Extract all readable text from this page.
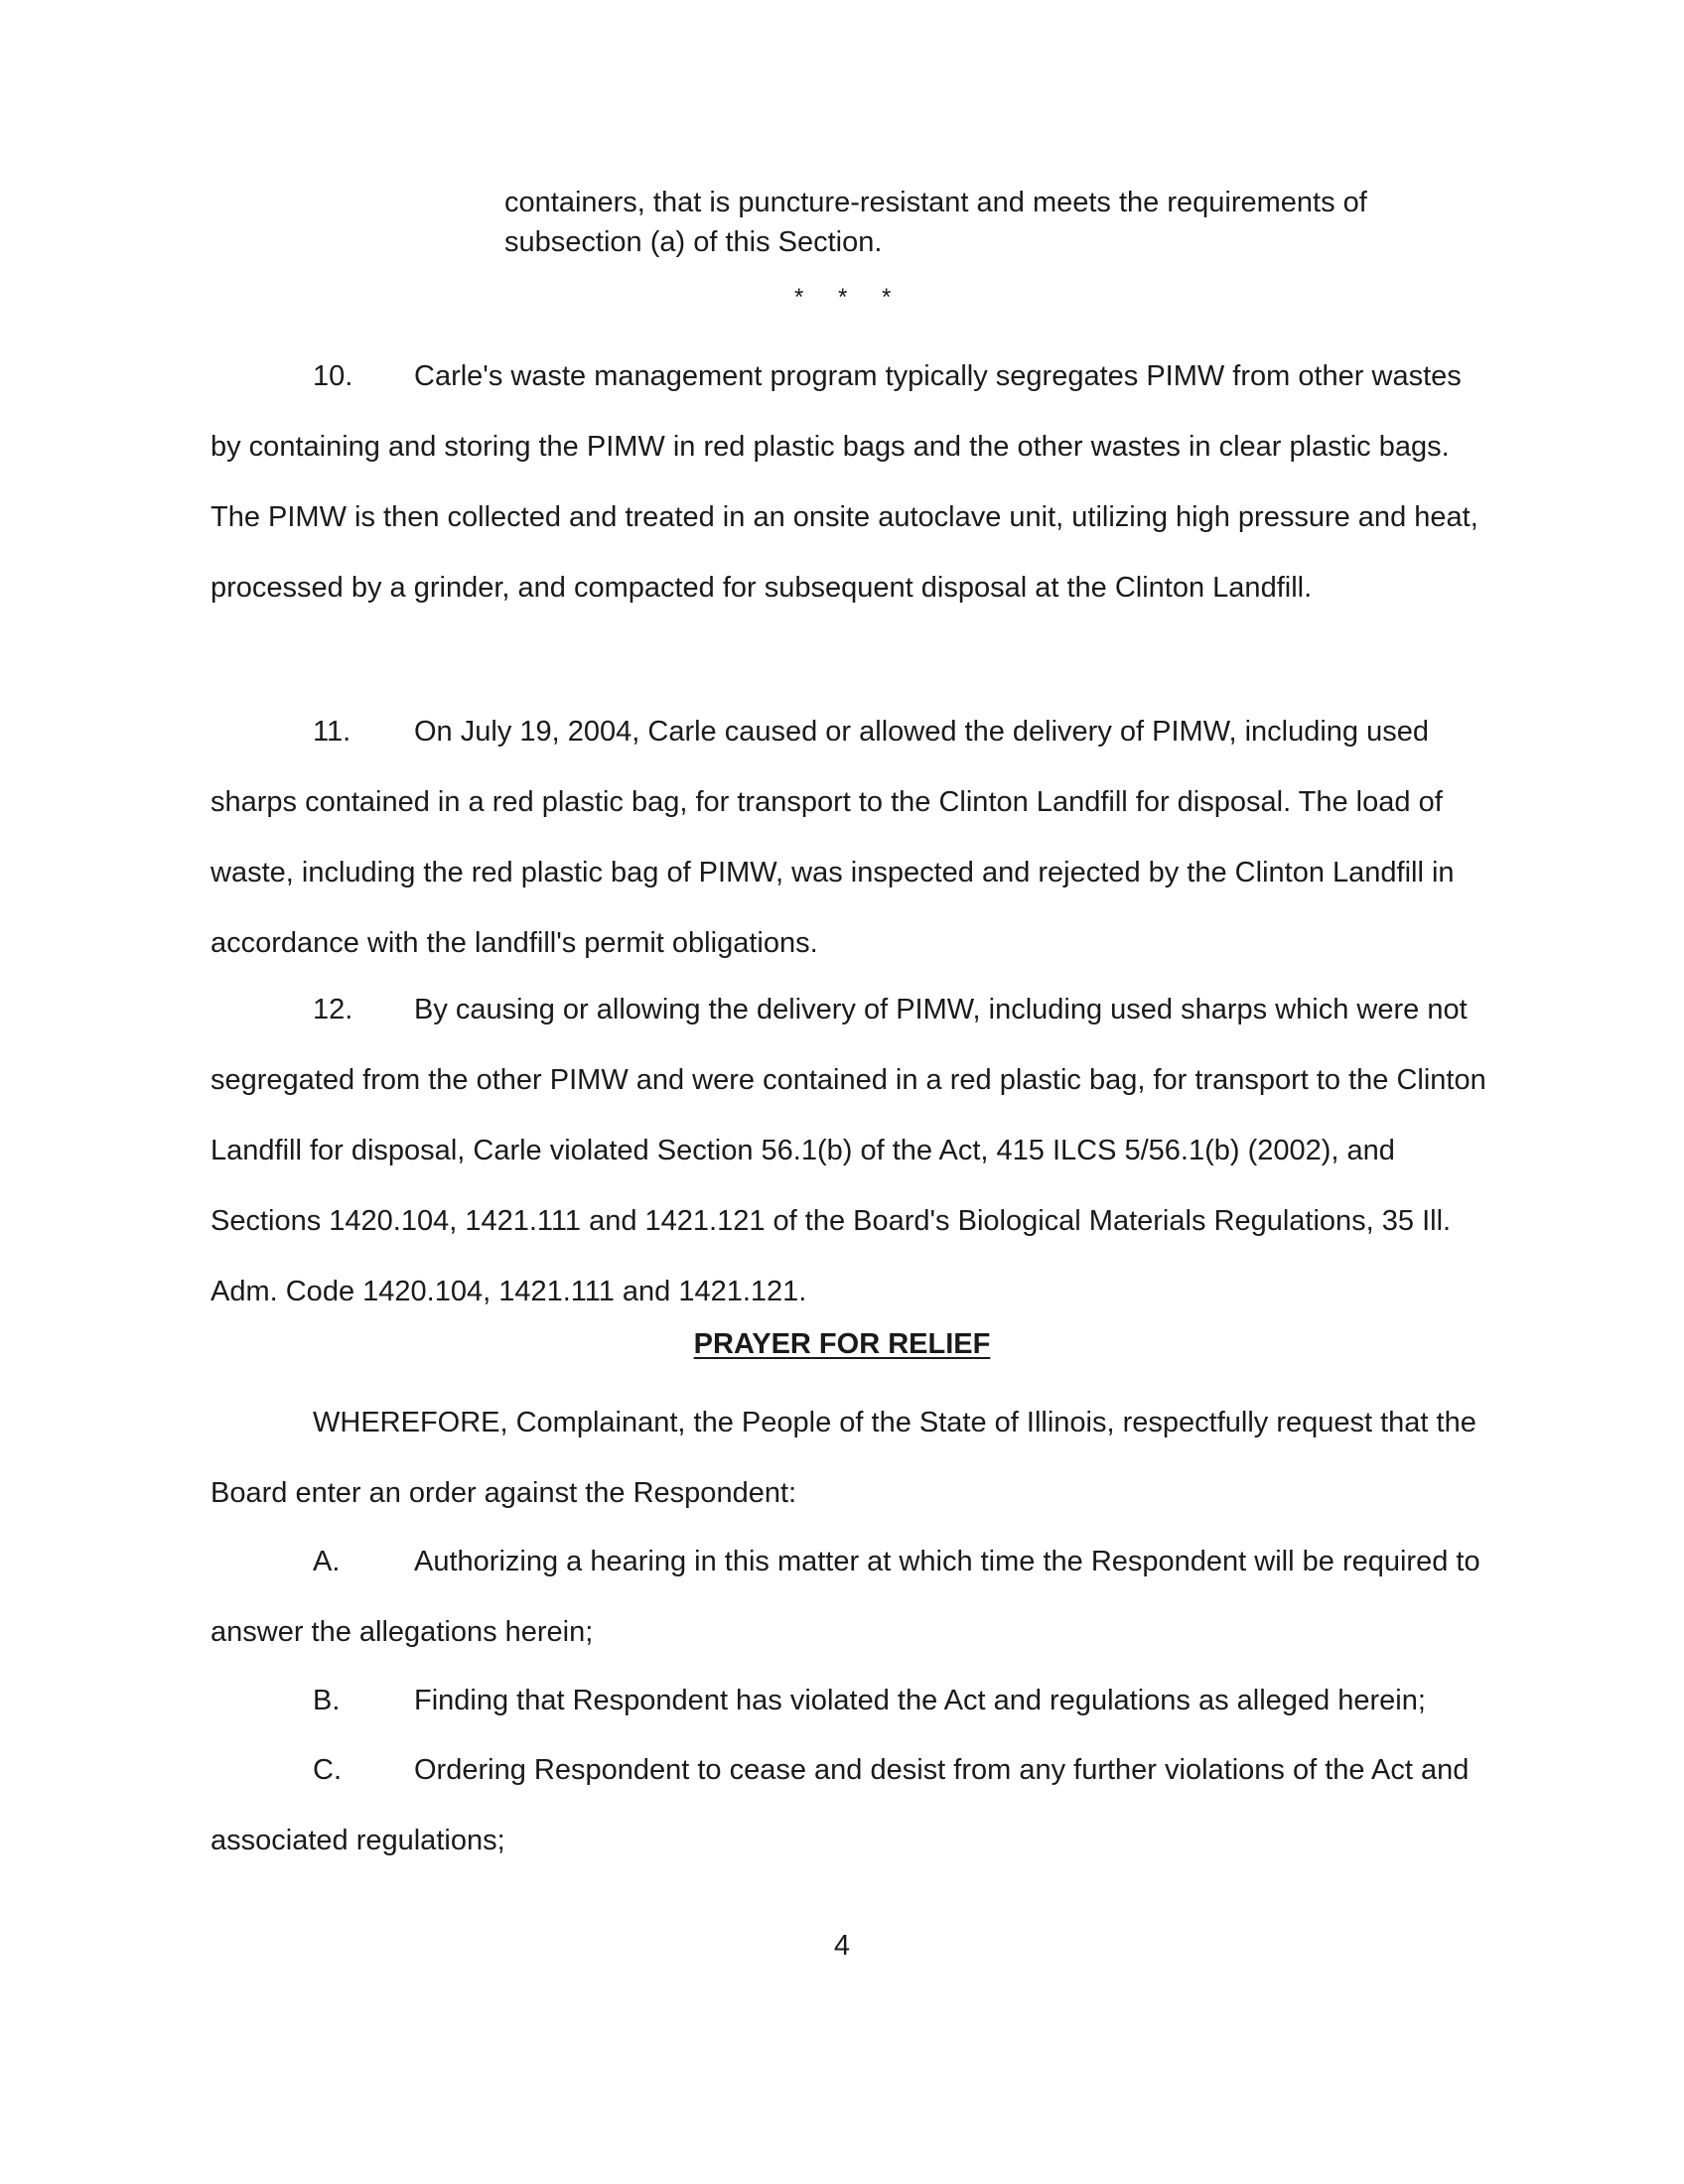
containers, that is puncture-resistant and meets the requirements of subsection (a) of this Section.
* * *
10. Carle's waste management program typically segregates PIMW from other wastes by containing and storing the PIMW in red plastic bags and the other wastes in clear plastic bags. The PIMW is then collected and treated in an onsite autoclave unit, utilizing high pressure and heat, processed by a grinder, and compacted for subsequent disposal at the Clinton Landfill.
11. On July 19, 2004, Carle caused or allowed the delivery of PIMW, including used sharps contained in a red plastic bag, for transport to the Clinton Landfill for disposal. The load of waste, including the red plastic bag of PIMW, was inspected and rejected by the Clinton Landfill in accordance with the landfill's permit obligations.
12. By causing or allowing the delivery of PIMW, including used sharps which were not segregated from the other PIMW and were contained in a red plastic bag, for transport to the Clinton Landfill for disposal, Carle violated Section 56.1(b) of the Act, 415 ILCS 5/56.1(b) (2002), and Sections 1420.104, 1421.111 and 1421.121 of the Board's Biological Materials Regulations, 35 Ill. Adm. Code 1420.104, 1421.111 and 1421.121.
PRAYER FOR RELIEF
WHEREFORE, Complainant, the People of the State of Illinois, respectfully request that the Board enter an order against the Respondent:
A.	Authorizing a hearing in this matter at which time the Respondent will be required to answer the allegations herein;
B.	Finding that Respondent has violated the Act and regulations as alleged herein;
C.	Ordering Respondent to cease and desist from any further violations of the Act and associated regulations;
4
